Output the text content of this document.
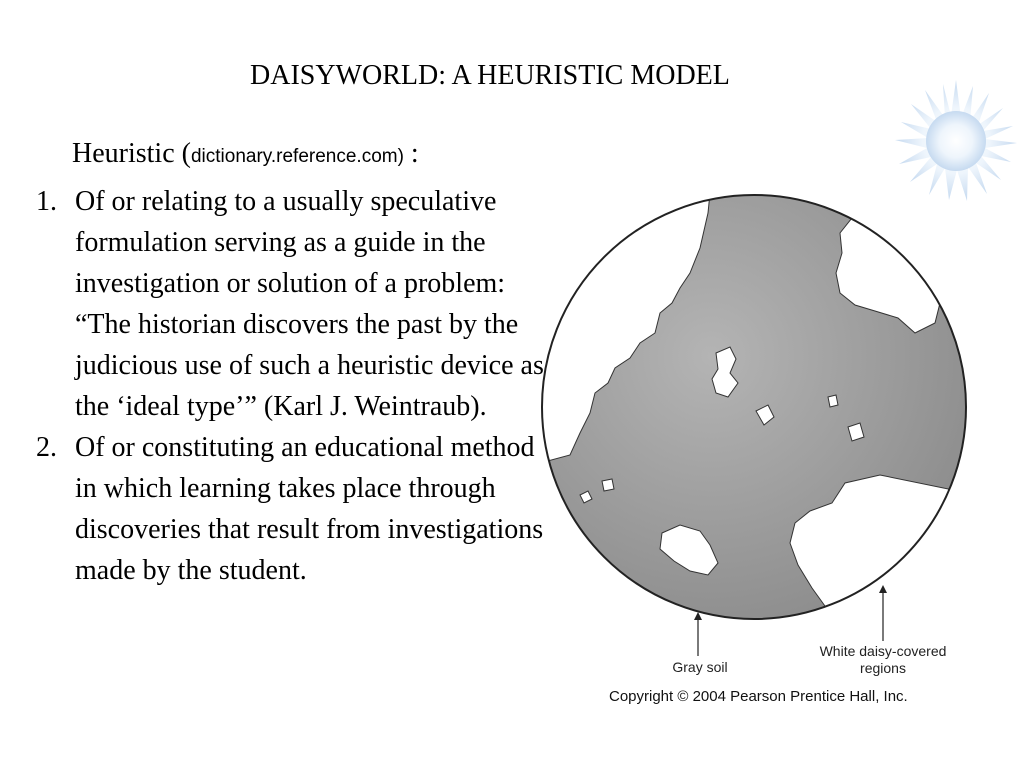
DAISYWORLD: A HEURISTIC MODEL
Heuristic (dictionary.reference.com) :
1. Of or relating to a usually speculative formulation serving as a guide in the investigation or solution of a problem: “The historian discovers the past by the judicious use of such a heuristic device as the ‘ideal type’” (Karl J. Weintraub).
2. Of or constituting an educational method in which learning takes place through discoveries that result from investigations made by the student.
Gray soil
White daisy-covered regions
Copyright © 2004 Pearson Prentice Hall, Inc.
